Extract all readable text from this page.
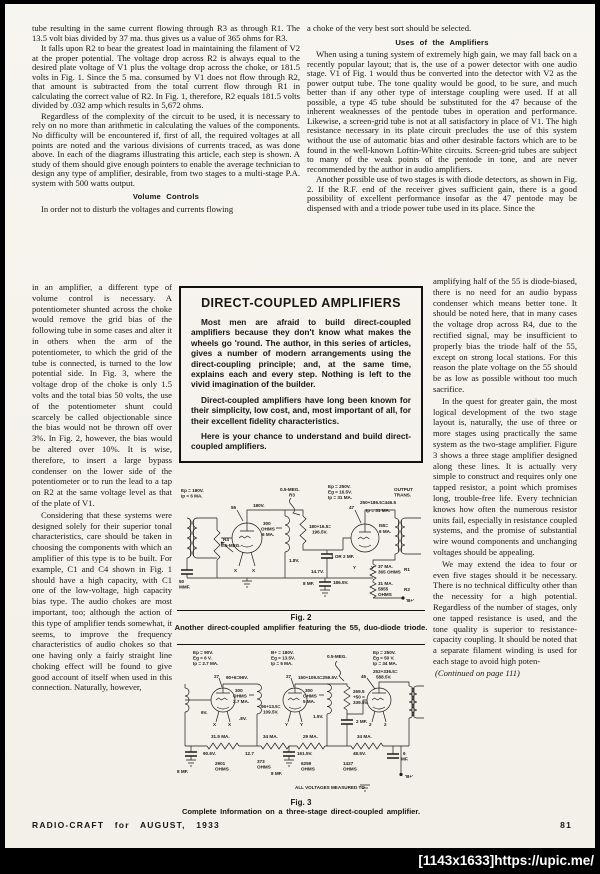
tube resulting in the same current flowing through R3 as through R1. The 13.5 volt bias divided by 37 ma. thus gives us a value of 365 ohms for R3.

It falls upon R2 to bear the greatest load in maintaining the filament of V2 at the proper potential. The voltage drop across R2 is always equal to the desired plate voltage of V1 plus the voltage drop across the choke, or 181.5 volts in Fig. 1. Since the 5 ma. consumed by V1 does not flow through R2, that amount is subtracted from the total current flow through R1 in calculating the correct value of R2. In Fig. 1, therefore, R2 equals 181.5 volts divided by .032 amp which results in 5,672 ohms.

Regardless of the complexity of the circuit to be used, it is necessary to rely on no more than arithmetic in calculating the values of the components. No difficulty will be encountered if, first of all, the required voltages at all points are noted and the various divisions of currents traced, as was done above. In each of the diagrams illustrating this article, each step is shown. A study of them should give enough pointers to enable the average technician to design any type of amplifier, desirable, from two stages to a multi-stage P.A. system with 500 watts output.

Volume Controls

In order not to disturb the voltages and currents flowing

in an amplifier, a different type of volume control is necessary. A potentiometer shunted across the choke would remove the grid bias of the following tube in some cases and alter it in others when the arm of the potentiometer, to which the grid of the tube is connected, is turned to the low potential side. In Fig. 3, where the voltage drop of the choke is only 1.5 volts and the total bias 50 volts, the use of the potentiometer shunt could scarcely be called objectionable since the bias would not be thrown off over 3%. In Fig. 2, however, the bias would be altered over 10%. It is wise, therefore, to insert a large bypass condenser on the lower side of the potentiometer or to run the lead to a tap on R2 at the same voltage level as that of the plate of V1.

Considering that these systems were designed solely for their superior tonal characteristics, care should be taken in choosing the components with which an amplifier of this type is to be built. For example, C1 and C4 shown in Fig. 1 should have a high capacity, with C1 one of the low-voltage, high capacity bias type. The audio chokes are most important, too; although the action of this type of amplifier tends somewhat, it seems, to improve the frequency characteristics of audio chokes so that one having only a fairly straight line choking effect will be found to give good account of itself when used in this connection. Naturally, however,

a choke of the very best sort should be selected.

Uses of the Amplifiers

When using a tuning system of extremely high gain, we may fall back on a recently popular layout; that is, the use of a power detector with one audio stage. V1 of Fig. 1 would thus be converted into the detector with V2 as the power output tube. The tone quality would be good, to be sure, and much better than if any other type of interstage coupling were used. If at all possible, a type 45 tube should be substituted for the 47 because of the inherent weaknesses of the pentode tubes in operation and performance. Likewise, a screen-grid tube is not at all satisfactory in place of V1. The high resistance necessary in its plate circuit precludes the use of this system without the use of automatic bias and other desirable factors which are to be found in the well-known Loftin-White circuits. Screen-grid tubes are subject to many of the weak points of the pentode in tone, and are never recommended by the author in audio amplifiers.

Another possible use of two stages is with diode detectors, as shown in Fig. 2. If the R.F. end of the receiver gives sufficient gain, there is a good possibility of excellent performance insofar as the 47 pentode may be dispensed with and a triode power tube used in its place. Since the

amplifying half of the 55 is diode-biased, there is no need for an audio bypass condenser which means better tone. It should be noted here, that in many cases the voltage drop across R4, due to the rectified signal, may be insufficient to properly bias the triode half of the 55, except on strong local stations. For this reason the plate voltage on the 55 should be as low as possible without too much sacrifice.

In the quest for greater gain, the most logical development of the two stage layout is, naturally, the use of three or more stages using practically the same system as the two-stage amplifier. Figure 3 shows a three stage amplifier designed along these lines. It is actually very simple to construct and requires only one tapped resistor, a point which promises long, trouble-free life. Every technician knows how often the numerous resistor units fail, especially in resistance coupled systems, and the promise of substantial wire wound components and unchanging voltages should be appealing.

We may extend the idea to four or even five stages should it be necessary. There is no technical difficulty other than the necessity for a high potential. Regardless of the number of stages, only one tapped resistance is used, and the tone quality is superior to resistance-capacity coupling. It should be noted that a separate filament winding is used for each stage to avoid high poten-

(Continued on page 111)

DIRECT-COUPLED AMPLIFIERS

Most men are afraid to build direct-coupled amplifiers because they don't know what makes the wheels go 'round. The author, in this series of articles, gives a number of modern arrangements using the direct-coupling principle; and, at the same time, explains each and every step. Nothing is left to the vivid imagination of the builder.

Direct-coupled amplifiers have long been known for their simplicity, low cost, and, most important of all, for their excellent fidelity characteristics.

Here is your chance to understand and build direct-coupled amplifiers.

Ep = 180V.
Ip = 6 MA.
0.5-MEG.
R3
Ep = 250V.
Eg = 16.5V.
Ip = 31 MA.
OUTPUT
TRANS.
55	180V.
300
OHMS
6 MA.
47
250+186.5=446.5
Ip = 31 MA.
180+16.5=
196.5V.
1.8V.
1 OR 2 MF.
R4
0.5-MEG.
50
MMF.
I55=
6 MA.
14.7V.
8 MF.	186.5V.
37 MA.
365 OHMS R1
31 MA.
5855
OHMS
R2
'B+'
X	X
Y	Y
Fig. 2
Another direct-coupled amplifier featuring the 55, duo-diode triode.
Ep = 90V.
Eg = 6 V.
Ip = 2.7 MA.
B+ = 180V.
Eg = 13.5V.
Ip = 5 MA.
0.5-MEG.
Ep = 250V.
Eg = 50 V.
Ip = 34 MA.
27 90+6=96V.	27 150+109.5=259.5V.	45
252+336.5=
588.5V.
300
OHMS
2.7 MA.
300
OHMS
5 MA.
96+13.5=
109.5V.
.8V.	1.5V.
269.5
+50 =
339.5V.
2 MF.
6V.
31.5 MA.	34 MA.	29 MA.	34 MA.
90.6V.	12.7	161.5V.	48.5V.
2901
OHMS
373
OHMS
6259
OHMS
1427
OHMS
8 MF.
6
MF.
ALL VOLTAGES MEASURED TO
'B+'
X	X	Y	Y	2	2
8 MF.
Fig. 3
Complete Information on a three-stage direct-coupled amplifier.
RADIO-CRAFT for AUGUST, 1933	81
[1143x1633]https://upic.me/
